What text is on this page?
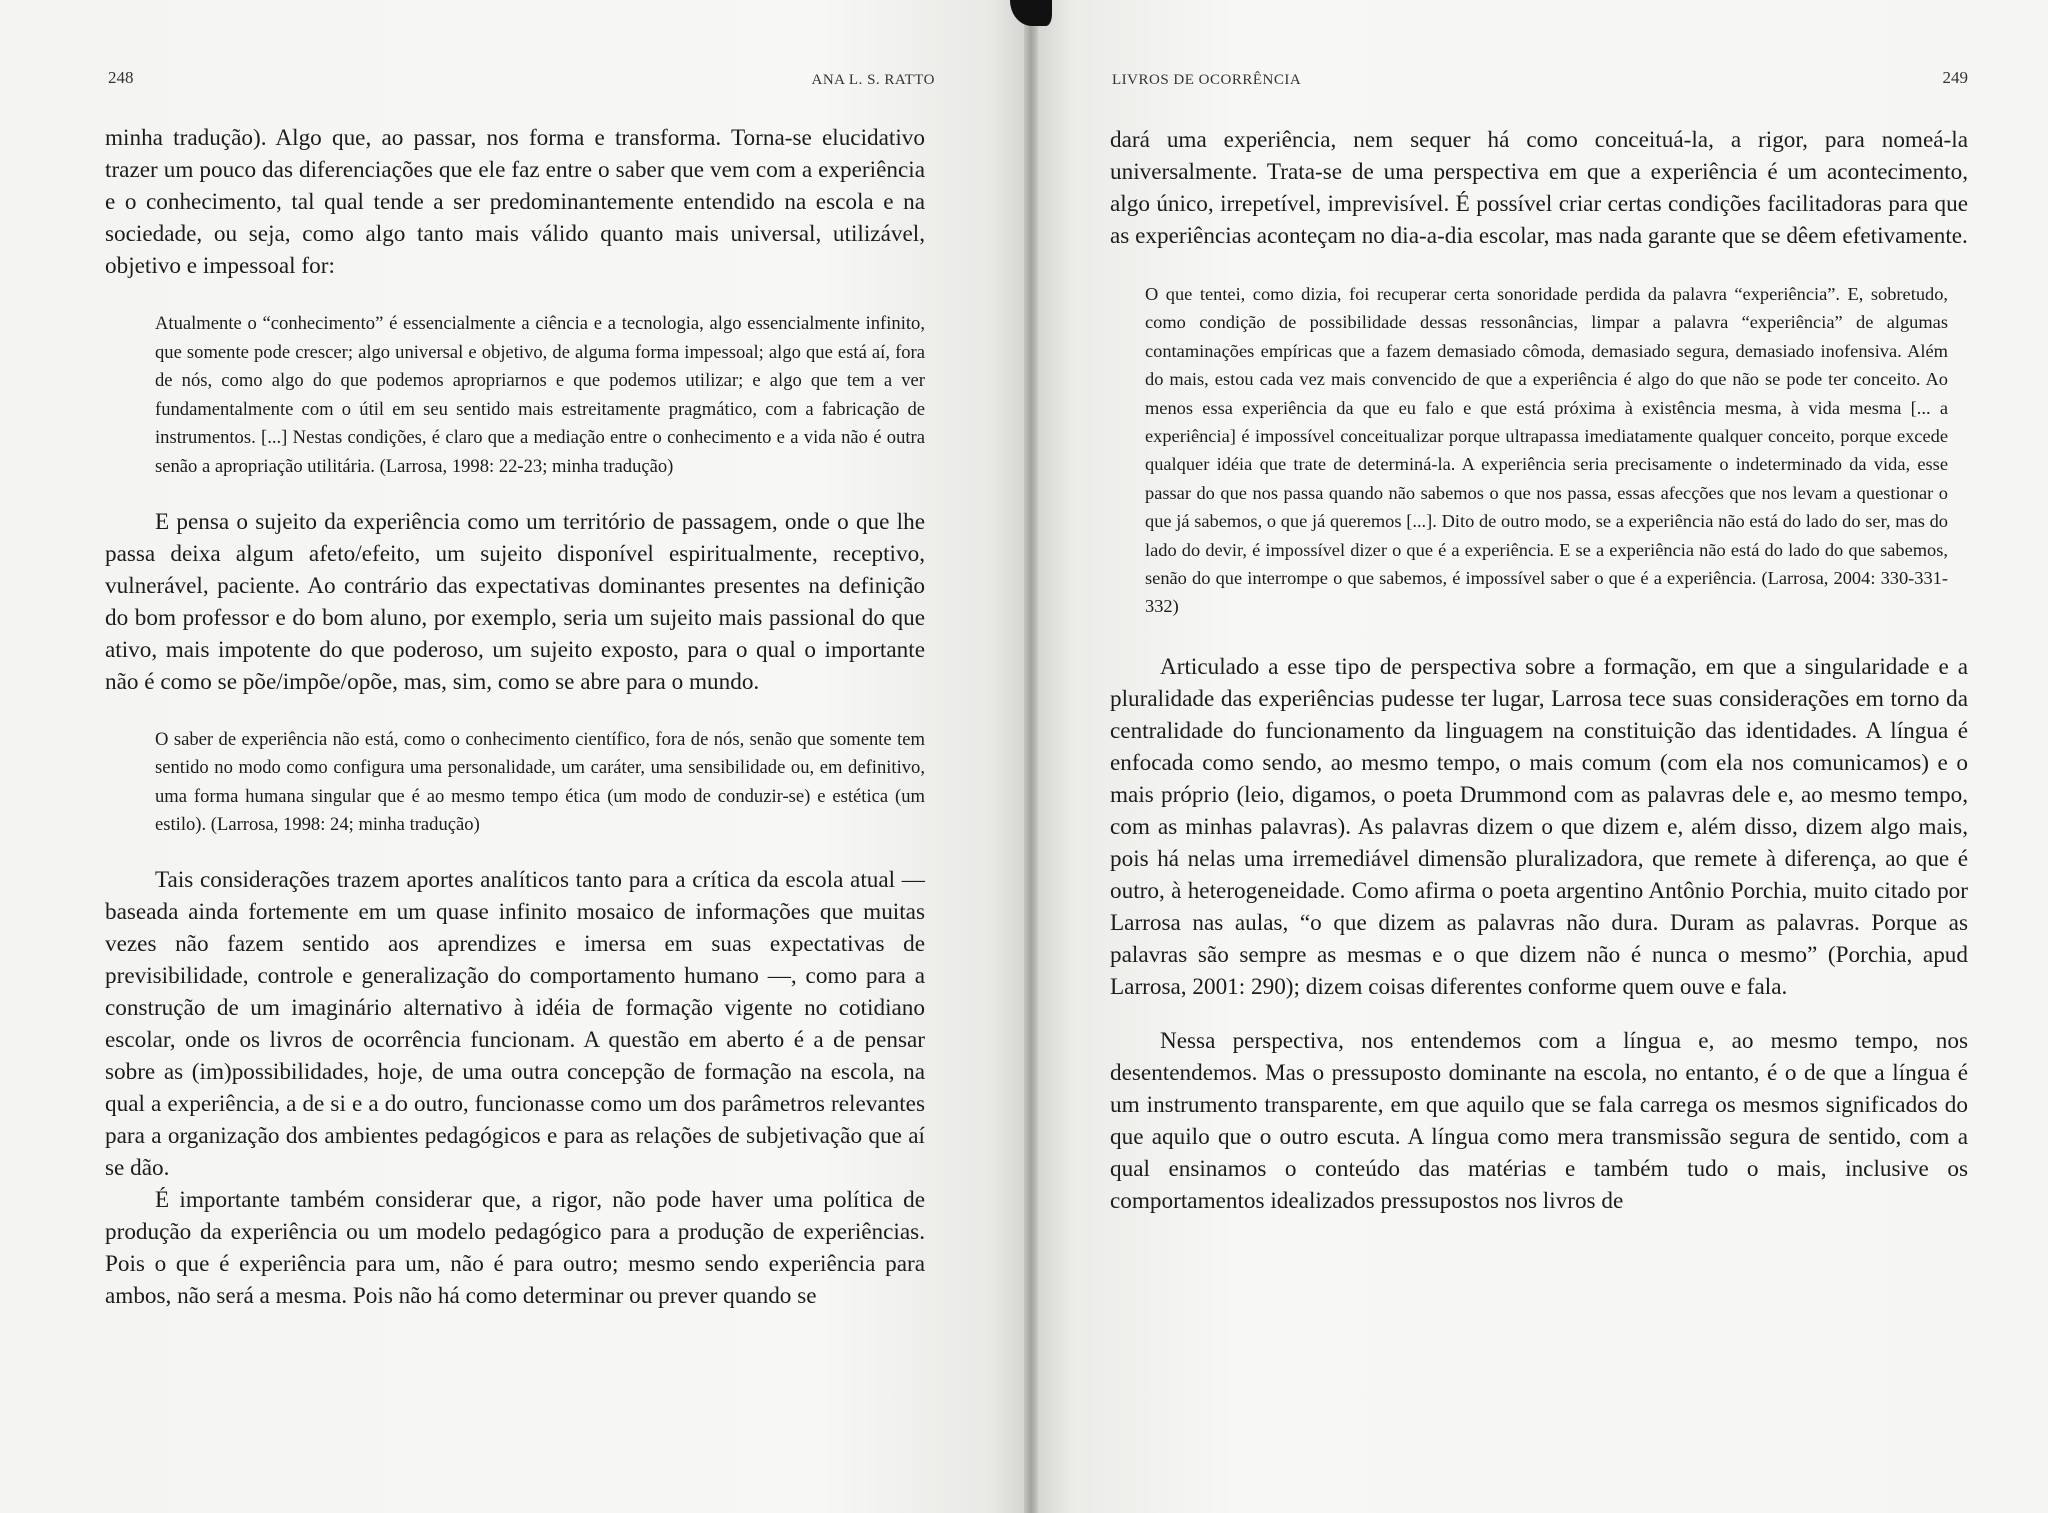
248	ANA L. S. RATTO

minha tradução). Algo que, ao passar, nos forma e transforma. Torna-se elucidativo trazer um pouco das diferenciações que ele faz entre o saber que vem com a experiência e o conhecimento, tal qual tende a ser predominantemente entendido na escola e na sociedade, ou seja, como algo tanto mais válido quanto mais universal, utilizável, objetivo e impessoal for:

Atualmente o “conhecimento” é essencialmente a ciência e a tecnologia, algo essencialmente infinito, que somente pode crescer; algo universal e objetivo, de alguma forma impessoal; algo que está aí, fora de nós, como algo do que podemos apropriarnos e que podemos utilizar; e algo que tem a ver fundamentalmente com o útil em seu sentido mais estreitamente pragmático, com a fabricação de instrumentos. [...] Nestas condições, é claro que a mediação entre o conhecimento e a vida não é outra senão a apropriação utilitária. (Larrosa, 1998: 22-23; minha tradução)

E pensa o sujeito da experiência como um território de passagem, onde o que lhe passa deixa algum afeto/efeito, um sujeito disponível espiritualmente, receptivo, vulnerável, paciente. Ao contrário das expectativas dominantes presentes na definição do bom professor e do bom aluno, por exemplo, seria um sujeito mais passional do que ativo, mais impotente do que poderoso, um sujeito exposto, para o qual o importante não é como se põe/impõe/opõe, mas, sim, como se abre para o mundo.

O saber de experiência não está, como o conhecimento científico, fora de nós, senão que somente tem sentido no modo como configura uma personalidade, um caráter, uma sensibilidade ou, em definitivo, uma forma humana singular que é ao mesmo tempo ética (um modo de conduzir-se) e estética (um estilo). (Larrosa, 1998: 24; minha tradução)

Tais considerações trazem aportes analíticos tanto para a crítica da escola atual — baseada ainda fortemente em um quase infinito mosaico de informações que muitas vezes não fazem sentido aos aprendizes e imersa em suas expectativas de previsibilidade, controle e generalização do comportamento humano —, como para a construção de um imaginário alternativo à idéia de formação vigente no cotidiano escolar, onde os livros de ocorrência funcionam. A questão em aberto é a de pensar sobre as (im)possibilidades, hoje, de uma outra concepção de formação na escola, na qual a experiência, a de si e a do outro, funcionasse como um dos parâmetros relevantes para a organização dos ambientes pedagógicos e para as relações de subjetivação que aí se dão.

É importante também considerar que, a rigor, não pode haver uma política de produção da experiência ou um modelo pedagógico para a produção de experiências. Pois o que é experiência para um, não é para outro; mesmo sendo experiência para ambos, não será a mesma. Pois não há como determinar ou prever quando se

LIVROS DE OCORRÊNCIA	249

dará uma experiência, nem sequer há como conceituá-la, a rigor, para nomeá-la universalmente. Trata-se de uma perspectiva em que a experiência é um acontecimento, algo único, irrepetível, imprevisível. É possível criar certas condições facilitadoras para que as experiências aconteçam no dia-a-dia escolar, mas nada garante que se dêem efetivamente.

O que tentei, como dizia, foi recuperar certa sonoridade perdida da palavra “experiência”. E, sobretudo, como condição de possibilidade dessas ressonâncias, limpar a palavra “experiência” de algumas contaminações empíricas que a fazem demasiado cômoda, demasiado segura, demasiado inofensiva. Além do mais, estou cada vez mais convencido de que a experiência é algo do que não se pode ter conceito. Ao menos essa experiência da que eu falo e que está próxima à existência mesma, à vida mesma [... a experiência] é impossível conceitualizar porque ultrapassa imediatamente qualquer conceito, porque excede qualquer idéia que trate de determiná-la. A experiência seria precisamente o indeterminado da vida, esse passar do que nos passa quando não sabemos o que nos passa, essas afecções que nos levam a questionar o que já sabemos, o que já queremos [...]. Dito de outro modo, se a experiência não está do lado do ser, mas do lado do devir, é impossível dizer o que é a experiência. E se a experiência não está do lado do que sabemos, senão do que interrompe o que sabemos, é impossível saber o que é a experiência. (Larrosa, 2004: 330-331-332)

Articulado a esse tipo de perspectiva sobre a formação, em que a singularidade e a pluralidade das experiências pudesse ter lugar, Larrosa tece suas considerações em torno da centralidade do funcionamento da linguagem na constituição das identidades. A língua é enfocada como sendo, ao mesmo tempo, o mais comum (com ela nos comunicamos) e o mais próprio (leio, digamos, o poeta Drummond com as palavras dele e, ao mesmo tempo, com as minhas palavras). As palavras dizem o que dizem e, além disso, dizem algo mais, pois há nelas uma irremediável dimensão pluralizadora, que remete à diferença, ao que é outro, à heterogeneidade. Como afirma o poeta argentino Antônio Porchia, muito citado por Larrosa nas aulas, “o que dizem as palavras não dura. Duram as palavras. Porque as palavras são sempre as mesmas e o que dizem não é nunca o mesmo” (Porchia, apud Larrosa, 2001: 290); dizem coisas diferentes conforme quem ouve e fala.

Nessa perspectiva, nos entendemos com a língua e, ao mesmo tempo, nos desentendemos. Mas o pressuposto dominante na escola, no entanto, é o de que a língua é um instrumento transparente, em que aquilo que se fala carrega os mesmos significados do que aquilo que o outro escuta. A língua como mera transmissão segura de sentido, com a qual ensinamos o conteúdo das matérias e também tudo o mais, inclusive os comportamentos idealizados pressupostos nos livros de
